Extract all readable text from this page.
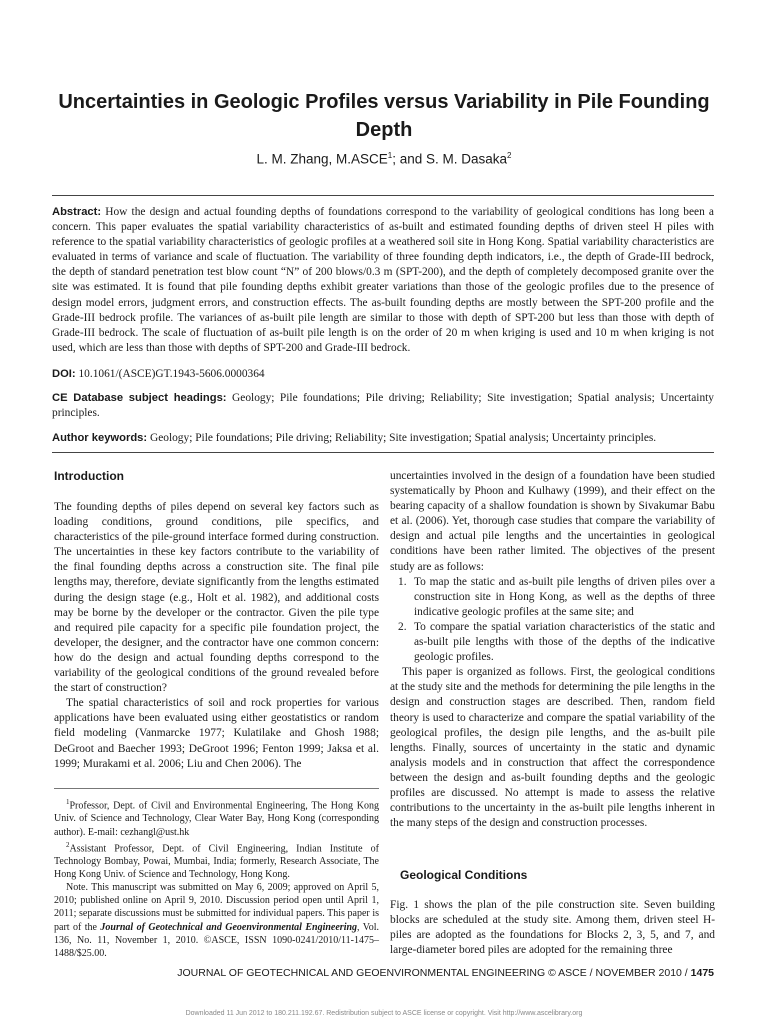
Uncertainties in Geologic Profiles versus Variability in Pile Founding Depth
L. M. Zhang, M.ASCE$^1$; and S. M. Dasaka$^2$
Abstract: How the design and actual founding depths of foundations correspond to the variability of geological conditions has long been a concern. This paper evaluates the spatial variability characteristics of as-built and estimated founding depths of driven steel H piles with reference to the spatial variability characteristics of geologic profiles at a weathered soil site in Hong Kong. Spatial variability characteristics are evaluated in terms of variance and scale of fluctuation. The variability of three founding depth indicators, i.e., the depth of Grade-III bedrock, the depth of standard penetration test blow count “N” of 200 blows/0.3 m (SPT-200), and the depth of completely decomposed granite over the site was estimated. It is found that pile founding depths exhibit greater variations than those of the geologic profiles due to the presence of design model errors, judgment errors, and construction effects. The as-built founding depths are mostly between the SPT-200 profile and the Grade-III bedrock profile. The variances of as-built pile length are similar to those with depth of SPT-200 but less than those with depth of Grade-III bedrock. The scale of fluctuation of as-built pile length is on the order of 20 m when kriging is used and 10 m when kriging is not used, which are less than those with depths of SPT-200 and Grade-III bedrock.
DOI: 10.1061/(ASCE)GT.1943-5606.0000364
CE Database subject headings: Geology; Pile foundations; Pile driving; Reliability; Site investigation; Spatial analysis; Uncertainty principles.
Author keywords: Geology; Pile foundations; Pile driving; Reliability; Site investigation; Spatial analysis; Uncertainty principles.
Introduction

The founding depths of piles depend on several key factors such as loading conditions, ground conditions, pile specifics, and characteristics of the pile-ground interface formed during construction. The uncertainties in these key factors contribute to the variability of the final founding depths across a construction site. The final pile lengths may, therefore, deviate significantly from the lengths estimated during the design stage (e.g., Holt et al. 1982), and additional costs may be borne by the developer or the contractor. Given the pile type and required pile capacity for a specific pile foundation project, the developer, the designer, and the contractor have one common concern: how do the design and actual founding depths correspond to the variability of the geological conditions of the ground revealed before the start of construction?

The spatial characteristics of soil and rock properties for various applications have been evaluated using either geostatistics or random field modeling (Vanmarcke 1977; Kulatilake and Ghosh 1988; DeGroot and Baecher 1993; DeGroot 1996; Fenton 1999; Jaksa et al. 1999; Murakami et al. 2006; Liu and Chen 2006). The

$^1$Professor, Dept. of Civil and Environmental Engineering, The Hong Kong Univ. of Science and Technology, Clear Water Bay, Hong Kong (corresponding author). E-mail: cezhangl@ust.hk

$^2$Assistant Professor, Dept. of Civil Engineering, Indian Institute of Technology Bombay, Powai, Mumbai, India; formerly, Research Associate, The Hong Kong Univ. of Science and Technology, Hong Kong.

Note. This manuscript was submitted on May 6, 2009; approved on April 5, 2010; published online on April 9, 2010. Discussion period open until April 1, 2011; separate discussions must be submitted for individual papers. This paper is part of the Journal of Geotechnical and Geoenvironmental Engineering, Vol. 136, No. 11, November 1, 2010. ©ASCE, ISSN 1090-0241/2010/11-1475–1488/$25.00.

uncertainties involved in the design of a foundation have been studied systematically by Phoon and Kulhawy (1999), and their effect on the bearing capacity of a shallow foundation is shown by Sivakumar Babu et al. (2006). Yet, thorough case studies that compare the variability of design and actual pile lengths and the uncertainties in geological conditions have been rather limited. The objectives of the present study are as follows:

1. To map the static and as-built pile lengths of driven piles over a construction site in Hong Kong, as well as the depths of three indicative geologic profiles at the same site; and

2. To compare the spatial variation characteristics of the static and as-built pile lengths with those of the depths of the indicative geologic profiles.

This paper is organized as follows. First, the geological conditions at the study site and the methods for determining the pile lengths in the design and construction stages are described. Then, random field theory is used to characterize and compare the spatial variability of the geological profiles, the design pile lengths, and the as-built pile lengths. Finally, sources of uncertainty in the static and dynamic analysis models and in construction that affect the correspondence between the design and as-built founding depths and the geologic profiles are discussed. No attempt is made to assess the relative contributions to the uncertainty in the as-built pile lengths inherent in the many steps of the design and construction processes.

Geological Conditions

Fig. 1 shows the plan of the pile construction site. Seven building blocks are scheduled at the study site. Among them, driven steel H-piles are adopted as the foundations for Blocks 2, 3, 5, and 7, and large-diameter bored piles are adopted for the remaining three

JOURNAL OF GEOTECHNICAL AND GEOENVIRONMENTAL ENGINEERING © ASCE / NOVEMBER 2010 / 1475
Downloaded 11 Jun 2012 to 180.211.192.67. Redistribution subject to ASCE license or copyright. Visit http://www.ascelibrary.org
